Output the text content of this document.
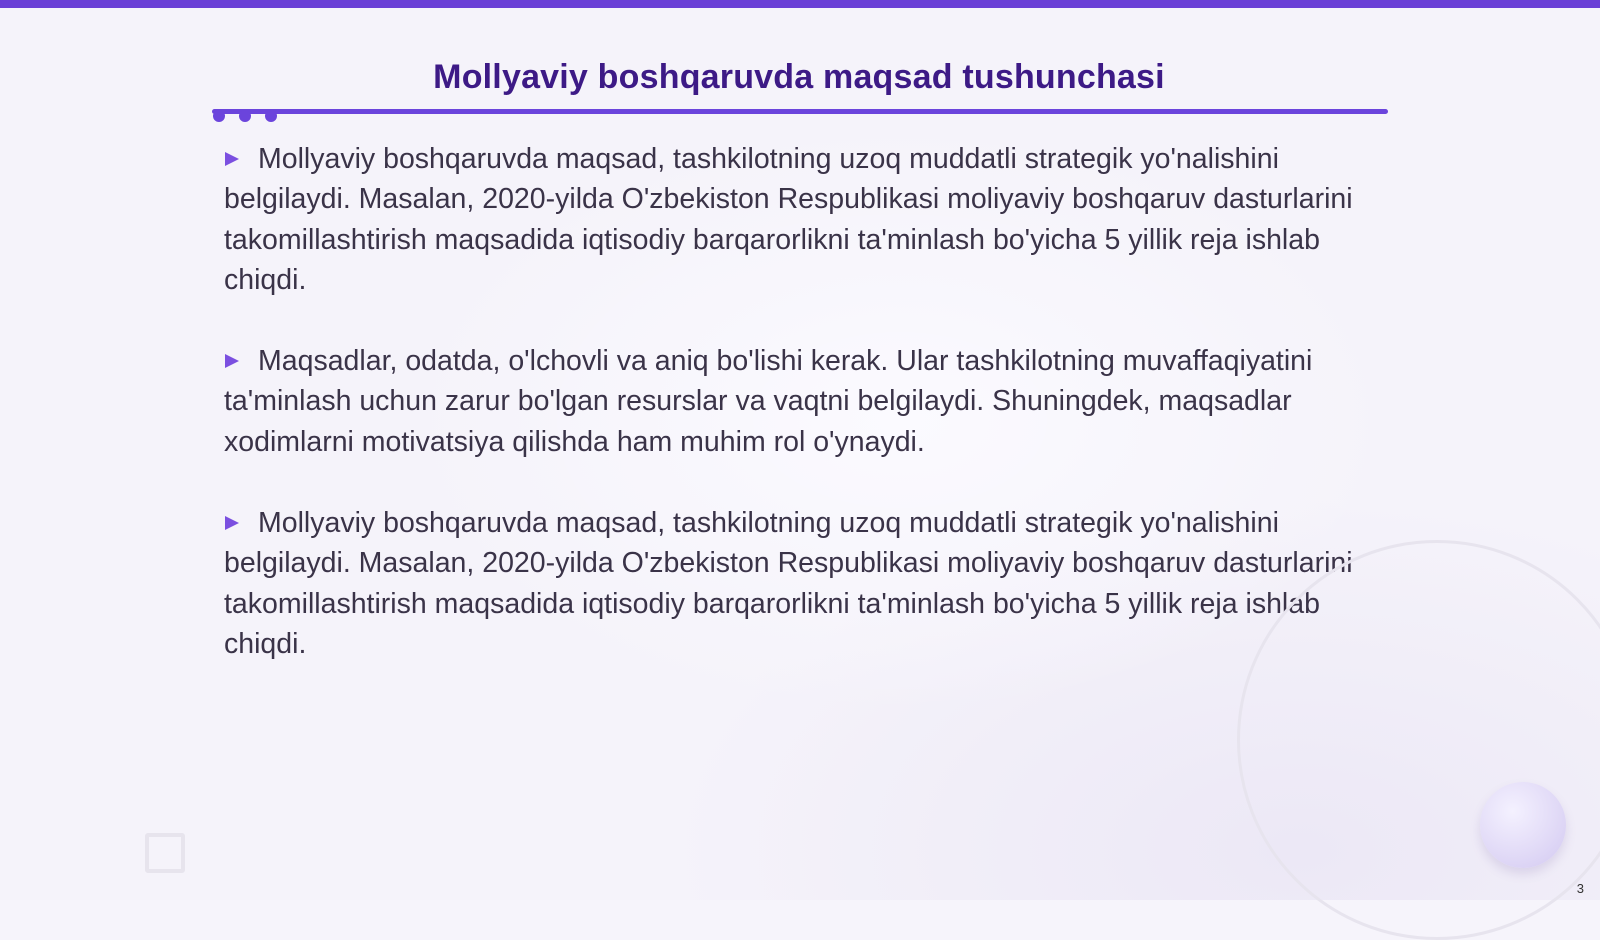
Mollyaviy boshqaruvda maqsad tushunchasi

Mollyaviy boshqaruvda maqsad, tashkilotning uzoq muddatli strategik yo'nalishini belgilaydi. Masalan, 2020-yilda O'zbekiston Respublikasi moliyaviy boshqaruv dasturlarini takomillashtirish maqsadida iqtisodiy barqarorlikni ta'minlash bo'yicha 5 yillik reja ishlab chiqdi.

Maqsadlar, odatda, o'lchovli va aniq bo'lishi kerak. Ular tashkilotning muvaffaqiyatini ta'minlash uchun zarur bo'lgan resurslar va vaqtni belgilaydi. Shuningdek, maqsadlar xodimlarni motivatsiya qilishda ham muhim rol o'ynaydi.

Mollyaviy boshqaruvda maqsad, tashkilotning uzoq muddatli strategik yo'nalishini belgilaydi. Masalan, 2020-yilda O'zbekiston Respublikasi moliyaviy boshqaruv dasturlarini takomillashtirish maqsadida iqtisodiy barqarorlikni ta'minlash bo'yicha 5 yillik reja ishlab chiqdi.

3
